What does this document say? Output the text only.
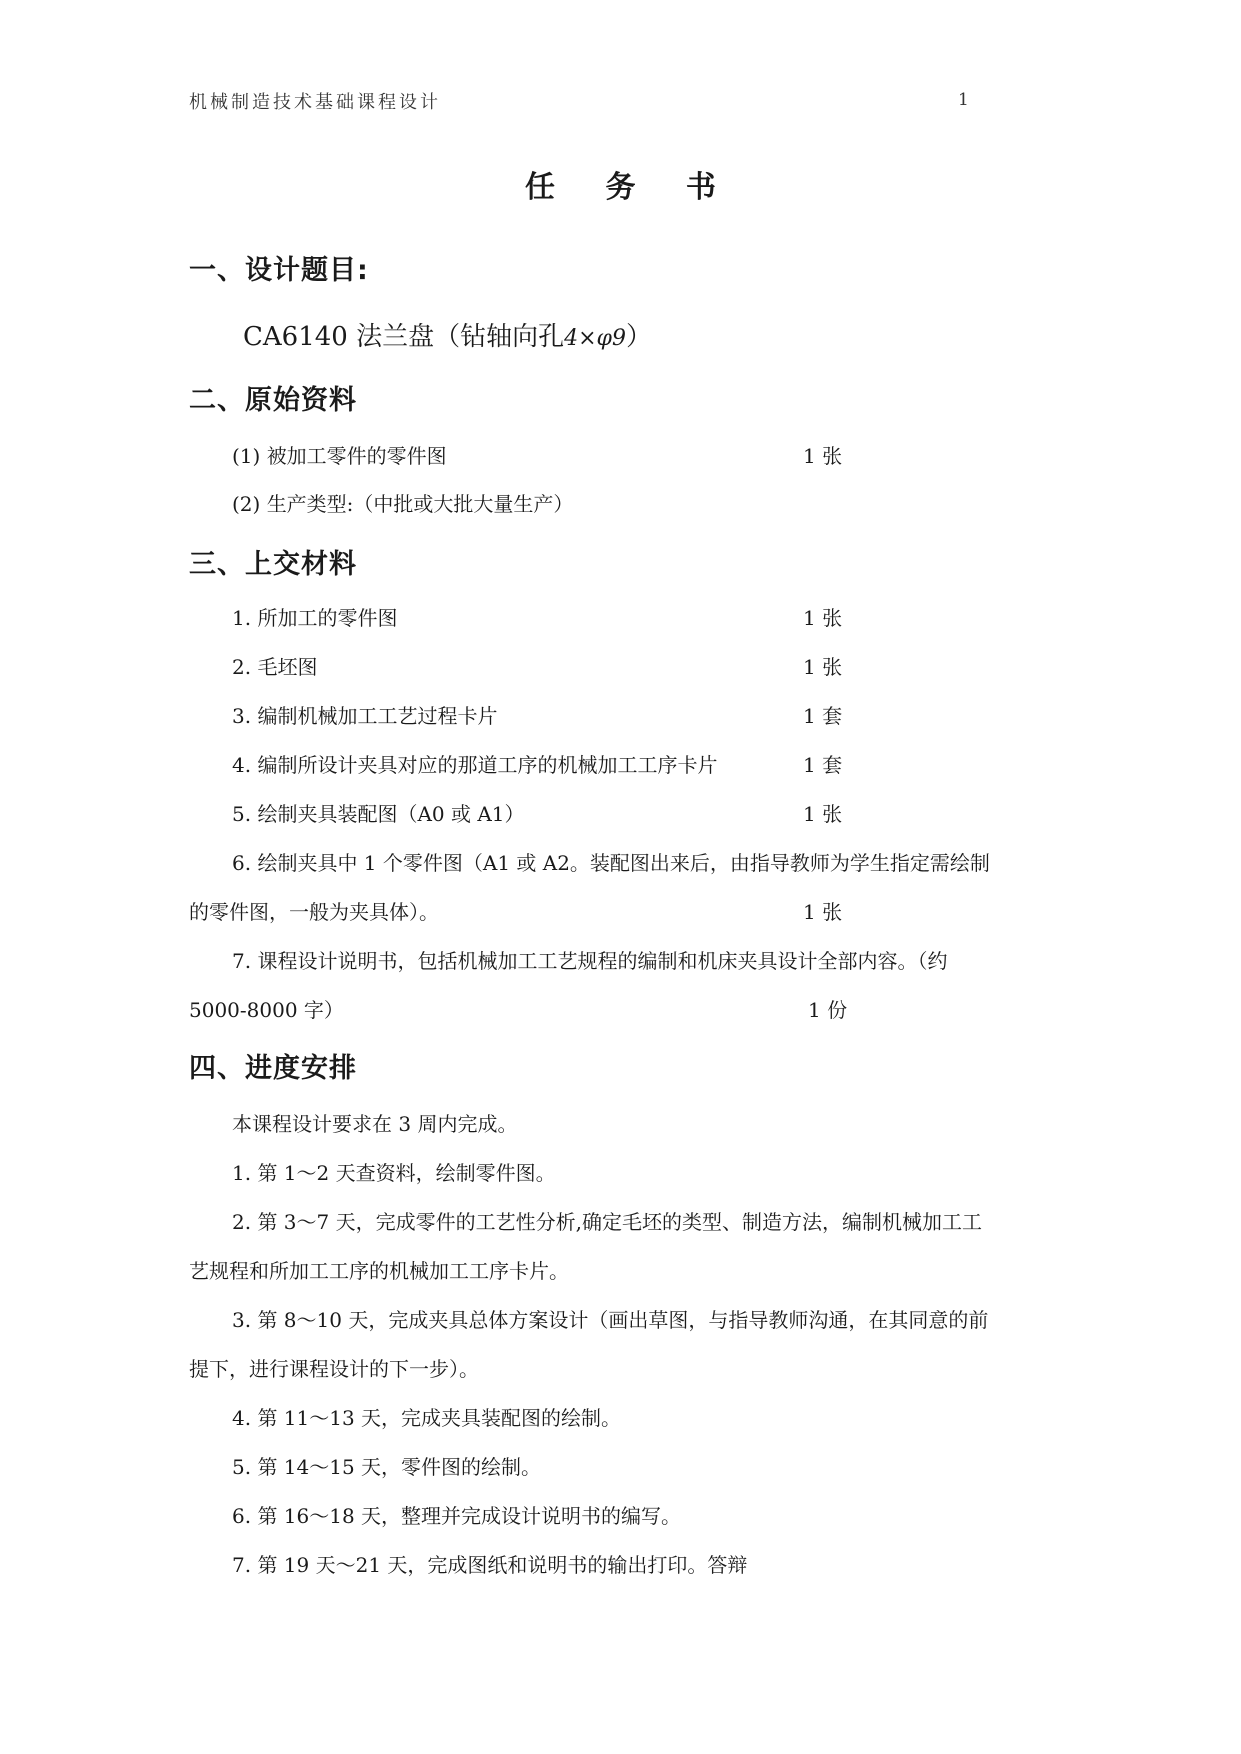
机械制造技术基础课程设计	1
任 务 书
一、设计题目:
CA6140 法兰盘（钻轴向孔4×φ9）
二、原始资料
(1) 被加工零件的零件图	1 张
(2) 生产类型:（中批或大批大量生产）
三、上交材料
1. 所加工的零件图	1 张
2. 毛坯图	1 张
3. 编制机械加工工艺过程卡片	1 套
4. 编制所设计夹具对应的那道工序的机械加工工序卡片	1 套
5. 绘制夹具装配图（A0 或 A1）	1 张
6. 绘制夹具中 1 个零件图（A1 或 A2。装配图出来后，由指导教师为学生指定需绘制
的零件图，一般为夹具体）。	1 张
7. 课程设计说明书，包括机械加工工艺规程的编制和机床夹具设计全部内容。（约
5000-8000 字）	1 份
四、进度安排
本课程设计要求在 3 周内完成。
1. 第 1～2 天查资料，绘制零件图。
2. 第 3～7 天，完成零件的工艺性分析,确定毛坯的类型、制造方法，编制机械加工工
艺规程和所加工工序的机械加工工序卡片。
3. 第 8～10 天，完成夹具总体方案设计（画出草图，与指导教师沟通，在其同意的前
提下，进行课程设计的下一步）。
4. 第 11～13 天，完成夹具装配图的绘制。
5. 第 14～15 天，零件图的绘制。
6. 第 16～18 天，整理并完成设计说明书的编写。
7. 第 19 天～21 天，完成图纸和说明书的输出打印。答辩
